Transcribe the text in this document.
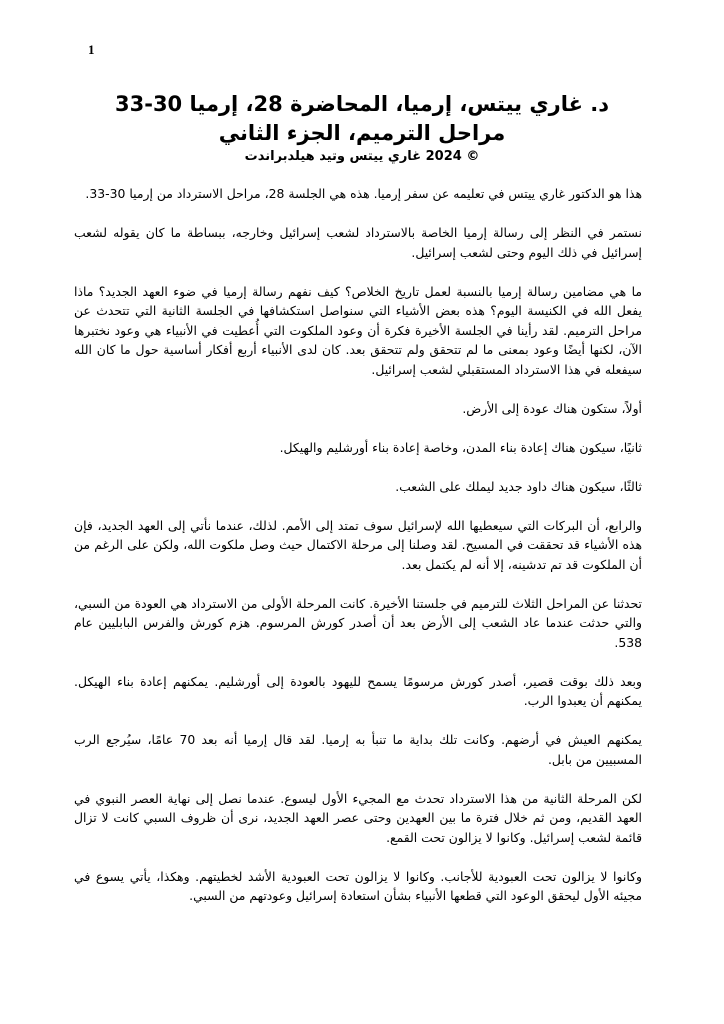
1

د. غاري ييتس، إرميا، المحاضرة 28، إرميا 30-33

مراحل الترميم، الجزء الثاني

© 2024 غاري ييتس وتيد هيلدبراندت

هذا هو الدكتور غاري ييتس في تعليمه عن سفر إرميا. هذه هي الجلسة 28، مراحل الاسترداد من إرميا 30-33.

نستمر في النظر إلى رسالة إرميا الخاصة بالاسترداد لشعب إسرائيل وخارجه، ببساطة ما كان يقوله لشعب إسرائيل في ذلك اليوم وحتى لشعب إسرائيل.

ما هي مضامين رسالة إرميا بالنسبة لعمل تاريخ الخلاص؟ كيف نفهم رسالة إرميا في ضوء العهد الجديد؟ ماذا يفعل الله في الكنيسة اليوم؟ هذه بعض الأشياء التي سنواصل استكشافها في الجلسة الثانية التي تتحدث عن مراحل الترميم. لقد رأينا في الجلسة الأخيرة فكرة أن وعود الملكوت التي أُعطيت في الأنبياء هي وعود نختبرها الآن، لكنها أيضًا وعود بمعنى ما لم تتحقق ولم تتحقق بعد. كان لدى الأنبياء أربع أفكار أساسية حول ما كان الله سيفعله في هذا الاسترداد المستقبلي لشعب إسرائيل.

أولاً، ستكون هناك عودة إلى الأرض.

ثانيًا، سيكون هناك إعادة بناء المدن، وخاصة إعادة بناء أورشليم والهيكل.

ثالثًا، سيكون هناك داود جديد ليملك على الشعب.

والرابع، أن البركات التي سيعطيها الله لإسرائيل سوف تمتد إلى الأمم. لذلك، عندما نأتي إلى العهد الجديد، فإن هذه الأشياء قد تحققت في المسيح. لقد وصلنا إلى مرحلة الاكتمال حيث وصل ملكوت الله، ولكن على الرغم من أن الملكوت قد تم تدشينه، إلا أنه لم يكتمل بعد.

تحدثنا عن المراحل الثلاث للترميم في جلستنا الأخيرة. كانت المرحلة الأولى من الاسترداد هي العودة من السبي، والتي حدثت عندما عاد الشعب إلى الأرض بعد أن أصدر كورش المرسوم. هزم كورش والفرس البابليين عام 538.

وبعد ذلك بوقت قصير، أصدر كورش مرسومًا يسمح لليهود بالعودة إلى أورشليم. يمكنهم إعادة بناء الهيكل. يمكنهم أن يعبدوا الرب.

يمكنهم العيش في أرضهم. وكانت تلك بداية ما تنبأ به إرميا. لقد قال إرميا أنه بعد 70 عامًا، سيُرجع الرب المسبيين من بابل.

لكن المرحلة الثانية من هذا الاسترداد تحدث مع المجيء الأول ليسوع. عندما نصل إلى نهاية العصر النبوي في العهد القديم، ومن ثم خلال فترة ما بين العهدين وحتى عصر العهد الجديد، نرى أن ظروف السبي كانت لا تزال قائمة لشعب إسرائيل. وكانوا لا يزالون تحت القمع.

وكانوا لا يزالون تحت العبودية للأجانب. وكانوا لا يزالون تحت العبودية الأشد لخطيتهم. وهكذا، يأتي يسوع في مجيئه الأول ليحقق الوعود التي قطعها الأنبياء بشأن استعادة إسرائيل وعودتهم من السبي.
